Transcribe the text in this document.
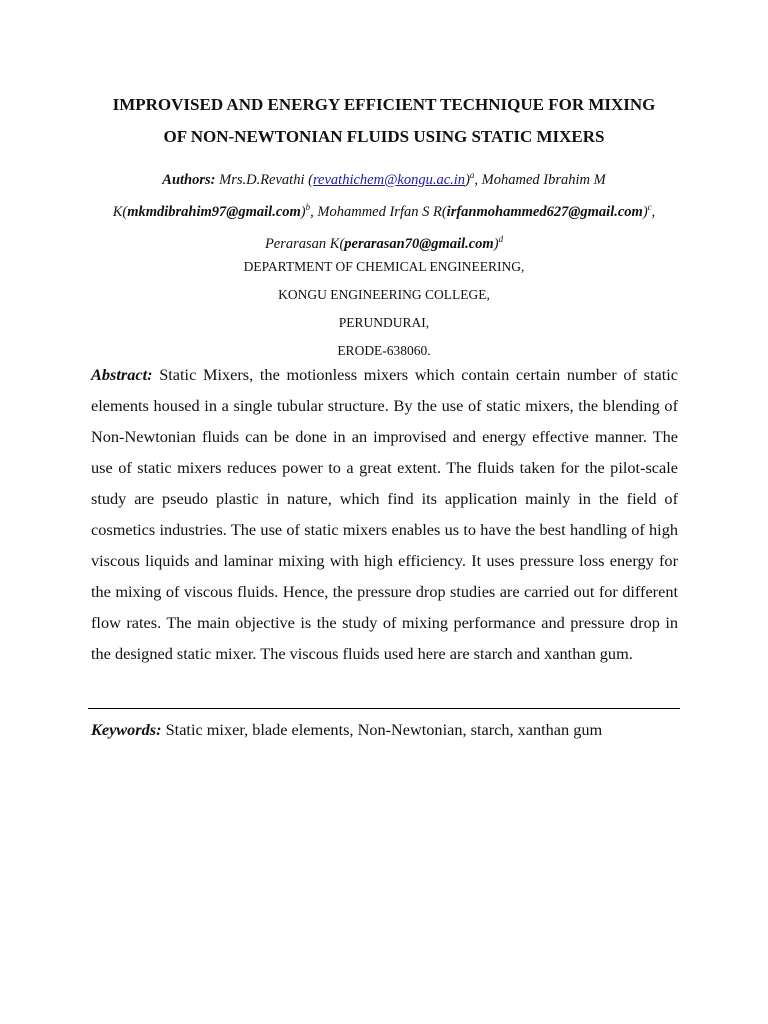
IMPROVISED AND ENERGY EFFICIENT TECHNIQUE FOR MIXING
OF NON-NEWTONIAN FLUIDS USING STATIC MIXERS
Authors: Mrs.D.Revathi (revathichem@kongu.ac.in)$^a$, Mohamed Ibrahim M
K(mkmdibrahim97@gmail.com)$^b$, Mohammed Irfan S R(irfanmohammed627@gmail.com)$^c$,
Perarasan K(perarasan70@gmail.com)$^d$
DEPARTMENT OF CHEMICAL ENGINEERING,
KONGU ENGINEERING COLLEGE,
PERUNDURAI,
ERODE-638060.

Abstract: Static Mixers, the motionless mixers which contain certain number of static elements housed in a single tubular structure. By the use of static mixers, the blending of Non-Newtonian fluids can be done in an improvised and energy effective manner. The use of static mixers reduces power to a great extent. The fluids taken for the pilot-scale study are pseudo plastic in nature, which find its application mainly in the field of cosmetics industries. The use of static mixers enables us to have the best handling of high viscous liquids and laminar mixing with high efficiency. It uses pressure loss energy for the mixing of viscous fluids. Hence, the pressure drop studies are carried out for different flow rates. The main objective is the study of mixing performance and pressure drop in the designed static mixer. The viscous fluids used here are starch and xanthan gum.

Keywords: Static mixer, blade elements, Non-Newtonian, starch, xanthan gum
